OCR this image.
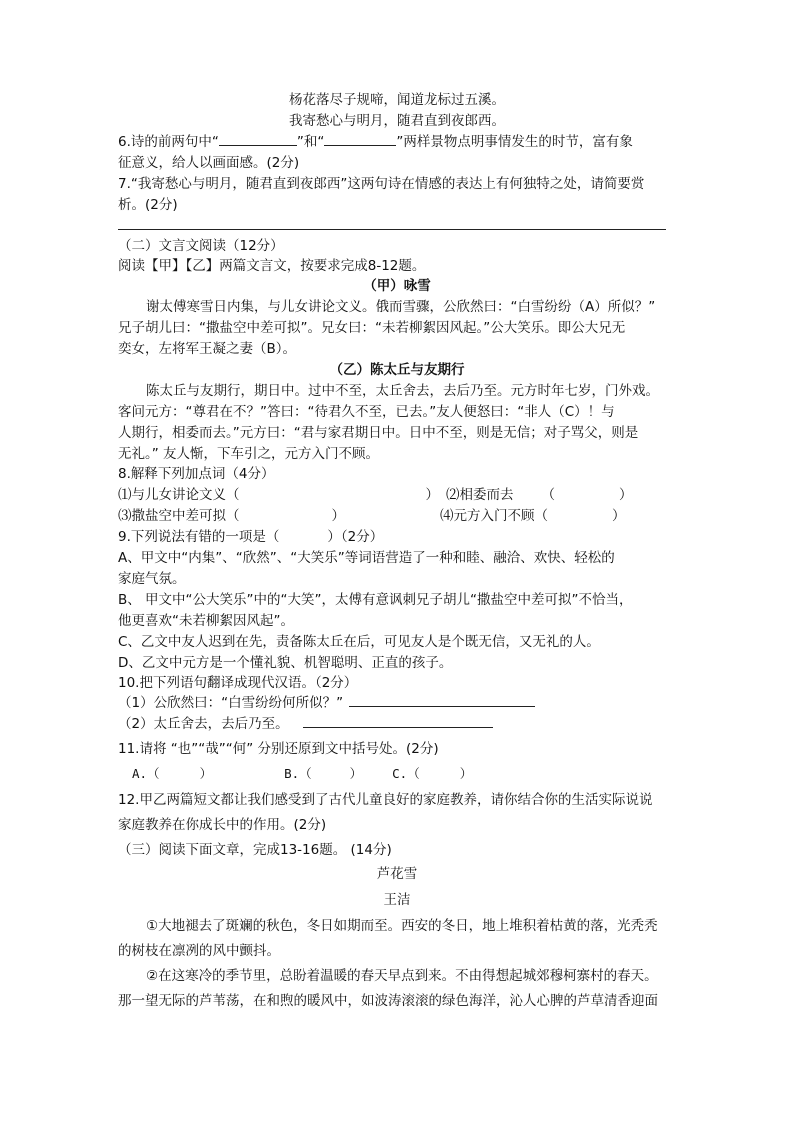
杨花落尽子规啼，闻道龙标过五溪。
我寄愁心与明月，随君直到夜郎西。
6.诗的前两句中“	”和“	”两样景物点明事情发生的时节，富有象
征意义，给人以画面感。(2分)
7.“我寄愁心与明月，随君直到夜郎西”这两句诗在情感的表达上有何独特之处，请简要赏
析。(2分)
（二）文言文阅读（12分）
阅读【甲】【乙】两篇文言文，按要求完成8-12题。
（甲）咏雪
谢太傅寒雪日内集，与儿女讲论文义。俄而雪骤，公欣然曰：“白雪纷纷（A）所似？”
兄子胡儿曰：“撒盐空中差可拟”。兄女曰：“未若柳絮因风起。”公大笑乐。即公大兄无
奕女，左将军王凝之妻（B）。
（乙）陈太丘与友期行
陈太丘与友期行，期日中。过中不至，太丘舍去，去后乃至。元方时年七岁，门外戏。
客问元方：“尊君在不？”答曰：“待君久不至，已去。”友人便怒曰：“非人（C）！与
人期行，相委而去。”元方曰：“君与家君期日中。日中不至，则是无信；对子骂父，则是
无礼。” 友人惭，下车引之，元方入门不顾。
8.解释下列加点词（4分）
⑴与儿女讲论文义（	） ⑵相委而去 （	）
⑶撒盐空中差可拟（	）	⑷元方入门不顾（	）
9.下列说法有错的一项是（	）（2分）
A、甲文中“内集”、“欣然”、“大笑乐”等词语营造了一种和睦、融洽、欢快、轻松的
家庭气氛。
B、 甲文中“公大笑乐”中的“大笑”，太傅有意讽刺兄子胡儿“撒盐空中差可拟”不恰当，
他更喜欢“未若柳絮因风起”。
C、乙文中友人迟到在先，责备陈太丘在后，可见友人是个既无信，又无礼的人。
D、乙文中元方是一个懂礼貌、机智聪明、正直的孩子。
10.把下列语句翻译成现代汉语。（2分）
（1）公欣然曰：“白雪纷纷何所似？”
（2）太丘舍去，去后乃至。
11.请将 “也”“哉”“何” 分别还原到文中括号处。(2分)
A.（	）	B.（	） C.（	）
12.甲乙两篇短文都让我们感受到了古代儿童良好的家庭教养，请你结合你的生活实际说说
家庭教养在你成长中的作用。(2分)
（三）阅读下面文章，完成13-16题。 (14分)
芦花雪
王洁
①大地褪去了斑斓的秋色，冬日如期而至。西安的冬日，地上堆积着枯黄的落，光秃秃
的树枝在凛冽的风中颤抖。
②在这寒冷的季节里，总盼着温暖的春天早点到来。不由得想起城郊穆柯寨村的春天。
那一望无际的芦苇荡，在和煦的暖风中，如波涛滚滚的绿色海洋，沁人心脾的芦草清香迎面
